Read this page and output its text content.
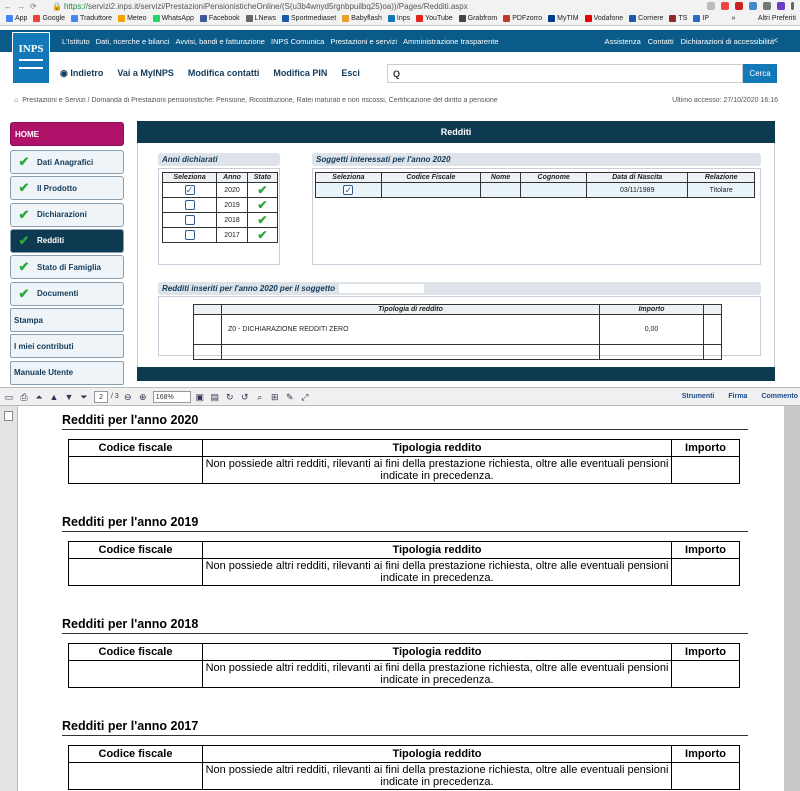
← → ⟳ 🔒 https://servizi2.inps.it/servizi/PrestazioniPensionisticheOnline/(S(u3b4wnyd5rgnbpuilbq25)oa))/Pages/Redditi.aspx
App Google Traduttore Meteo WhatsApp Facebook LNews Sportmediaset Babyflash Inps YouTube Grabfrom PDFzorro MyTIM Vodafone Corriere TS IP	»	Altri Preferiti
INPS
L'Istituto Dati, ricerche e bilanci Avvisi, bandi e fatturazione INPS Comunica Prestazioni e servizi Amministrazione trasparente	Assistenza Contatti Dichiarazioni di accessibilità <
◉ Indietro Vai a MyINPS Modifica contatti Modifica PIN Esci	Q	Cerca
⌂ Prestazioni e Servizi / Domanda di Prestazioni pensionistiche: Pensione, Ricostituzione, Ratei maturati e non riscossi, Certificazione del diritto a pensione	Ultimo accesso: 27/10/2020 16:16
HOME
✔ Dati Anagrafici
✔ Il Prodotto
✔ Dichiarazioni
✔ Redditi
✔ Stato di Famiglia
✔ Documenti
Stampa
I miei contributi
Manuale Utente
Redditi
Anni dichiarati
Seleziona	Anno	Stato
✓	2020	✔
	2019	✔
	2018	✔
	2017	✔
Soggetti interessati per l'anno 2020
Seleziona	Codice Fiscale	Nome	Cognome	Data di Nascita	Relazione
✓				03/11/1989	Titolare
Redditi inseriti per l'anno 2020 per il soggetto
	Tipologia di reddito	Importo	
	Z0 - DICHIARAZIONE REDDITI ZERO	0,00	

▭ ⎙ ⏶ ▲ ▼ ⏷	2	/ 3 ⊖ ⊕	168%	▣ ▤ ↻ ↺ ⌕ ⊞ ✎ ⤢	Strumenti Firma Commento
Redditi per l'anno 2020
Codice fiscale	Tipologia reddito	Importo
	Non possiede altri redditi, rilevanti ai fini della prestazione richiesta, oltre alle eventuali pensioni indicate in precedenza.	
Redditi per l'anno 2019
Codice fiscale	Tipologia reddito	Importo
	Non possiede altri redditi, rilevanti ai fini della prestazione richiesta, oltre alle eventuali pensioni indicate in precedenza.	
Redditi per l'anno 2018
Codice fiscale	Tipologia reddito	Importo
	Non possiede altri redditi, rilevanti ai fini della prestazione richiesta, oltre alle eventuali pensioni indicate in precedenza.	
Redditi per l'anno 2017
Codice fiscale	Tipologia reddito	Importo
	Non possiede altri redditi, rilevanti ai fini della prestazione richiesta, oltre alle eventuali pensioni indicate in precedenza.	
